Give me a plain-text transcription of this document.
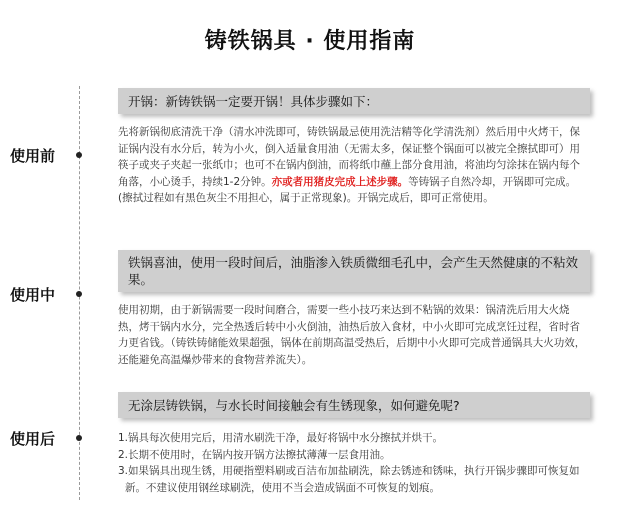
铸铁锅具 · 使用指南
使用前
开锅：新铸铁锅一定要开锅！具体步骤如下：

先将新锅彻底清洗干净（清水冲洗即可，铸铁锅最忌使用洗洁精等化学清洗剂）然后用中火烤干，保证锅内没有水分后，转为小火，倒入适量食用油（无需太多，保证整个锅面可以被完全擦拭即可）用筷子或夹子夹起一张纸巾；也可不在锅内倒油，而将纸巾蘸上部分食用油，将油均匀涂抹在锅内每个角落，小心烫手，持续1-2分钟。亦或者用猪皮完成上述步骤。等铸锅子自然冷却，开锅即可完成。(擦拭过程如有黑色灰尘不用担心，属于正常现象)。开锅完成后，即可正常使用。

使用中
铁锅喜油，使用一段时间后，油脂渗入铁质微细毛孔中，会产生天然健康的不粘效果。

使用初期，由于新锅需要一段时间磨合，需要一些小技巧来达到不粘锅的效果：锅清洗后用大火烧热，烤干锅内水分，完全热透后转中小火倒油，油热后放入食材，中小火即可完成烹饪过程，省时省力更省钱。（铸铁铸储能效果超强，锅体在前期高温受热后，后期中小火即可完成普通锅具大火功效，还能避免高温爆炒带来的食物营养流失）。

使用后
无涂层铸铁锅，与水长时间接触会有生锈现象，如何避免呢?
1.锅具每次使用完后，用清水刷洗干净，最好将锅中水分擦拭并烘干。
2.长期不使用时，在锅内按开锅方法擦拭薄薄一层食用油。
3.如果锅具出现生锈，用硬指塑料刷或百洁布加盐刷洗，除去锈迹和锈味，执行开锅步骤即可恢复如新。不建议使用钢丝球刷洗，使用不当会造成锅面不可恢复的划痕。
